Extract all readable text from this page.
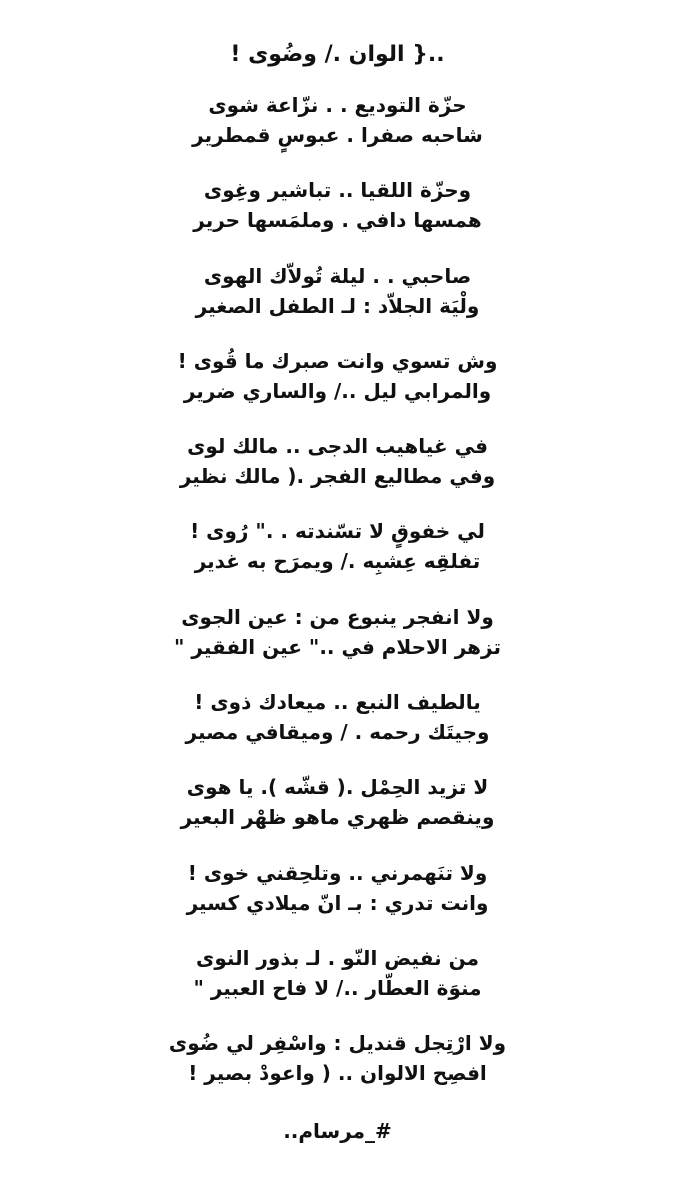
..{ الوان ./ وضُوى !
حزّة التوديع . . نزّاعة شوى
شاحبه صفرا . عبوسٍ قمطرير
وحزّة اللقيا .. تباشير وغِوى
همسها دافي . وملمَسها حرير
صاحبي . . ليلة تُولاّك الهوى
ولْيَة الجلاّد : لـ الطفل الصغير
وش تسوي وانت صبرك ما قُوى !
والمرابي ليل ../ والساري ضرير
في غياهيب الدجى .. مالك لوى
وفي مطاليع الفجر .( مالك نظير
لي خفوقٍ لا تسّندته . ." رُوى !
تفلقِه عِشبِه ./ ويمرَح به غدير
ولا انفجر ينبوع من : عين الجوى
تزهر الاحلام في .." عين الفقير "
يالطيف النبع .. ميعادك ذوى !
وجيتَك رحمه . / وميقافي مصير
لا تزيد الحِمْل .( قشّه ). يا هوى
وينقصم ظهري ماهو ظهْر البعير
ولا تنَهمرني .. وتلحِقني خوى !
وانت تدري : بـ انّ ميلادي كسير
من نفيض النّو . لـ بذور النوى
منوَة العطّار ../ لا فاح العبير "
ولا ارْتِجل قنديل : واسْفِر لي ضُوى
افصِح الالوان .. ( واعودْ بصير !

#_مرسام..
